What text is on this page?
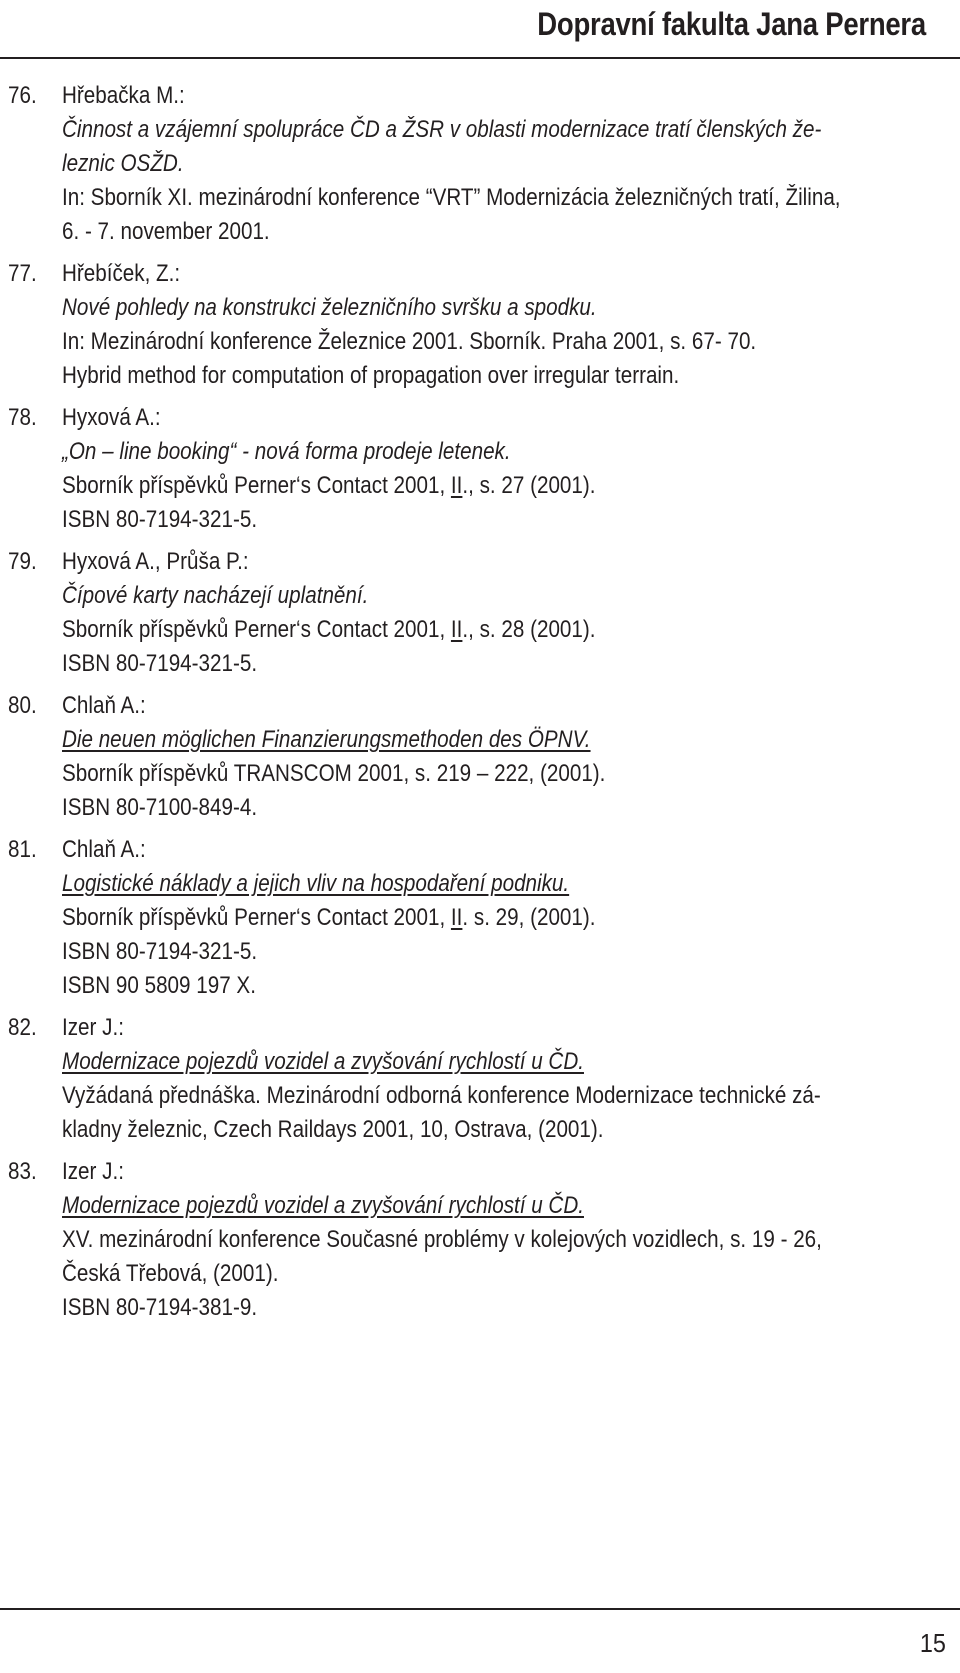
Dopravní fakulta Jana Pernera
76. Hřebačka M.:
Činnost a vzájemní spolupráce ČD a ŽSR v oblasti modernizace tratí členských že-
leznic OSŽD.
In: Sborník XI. mezinárodní konference “VRT” Modernizácia železničných tratí, Žilina,
6. - 7. november 2001.
77. Hřebíček, Z.:
Nové pohledy na konstrukci železničního svršku a spodku.
In: Mezinárodní konference Železnice 2001. Sborník. Praha 2001, s. 67- 70.
Hybrid method for computation of propagation over irregular terrain.
78. Hyxová A.:
„On – line booking“ - nová forma prodeje letenek.
Sborník příspěvků Perner‘s Contact 2001, II., s. 27 (2001).
ISBN 80-7194-321-5.
79. Hyxová A., Průša P.:
Čípové karty nacházejí uplatnění.
Sborník příspěvků Perner‘s Contact 2001, II., s. 28 (2001).
ISBN 80-7194-321-5.
80. Chlaň A.:
Die neuen möglichen Finanzierungsmethoden des ÖPNV.
Sborník příspěvků TRANSCOM 2001, s. 219 – 222, (2001).
ISBN 80-7100-849-4.
81. Chlaň A.:
Logistické náklady a jejich vliv na hospodaření podniku.
Sborník příspěvků Perner‘s Contact 2001, II. s. 29, (2001).
ISBN 80-7194-321-5.
ISBN 90 5809 197 X.
82. Izer J.:
Modernizace pojezdů vozidel a zvyšování rychlostí u ČD.
Vyžádaná přednáška. Mezinárodní odborná konference Modernizace technické zá-
kladny železnic, Czech Raildays 2001, 10, Ostrava, (2001).
83. Izer J.:
Modernizace pojezdů vozidel a zvyšování rychlostí u ČD.
XV. mezinárodní konference Současné problémy v kolejových vozidlech, s. 19 - 26,
Česká Třebová, (2001).
ISBN 80-7194-381-9.
15
